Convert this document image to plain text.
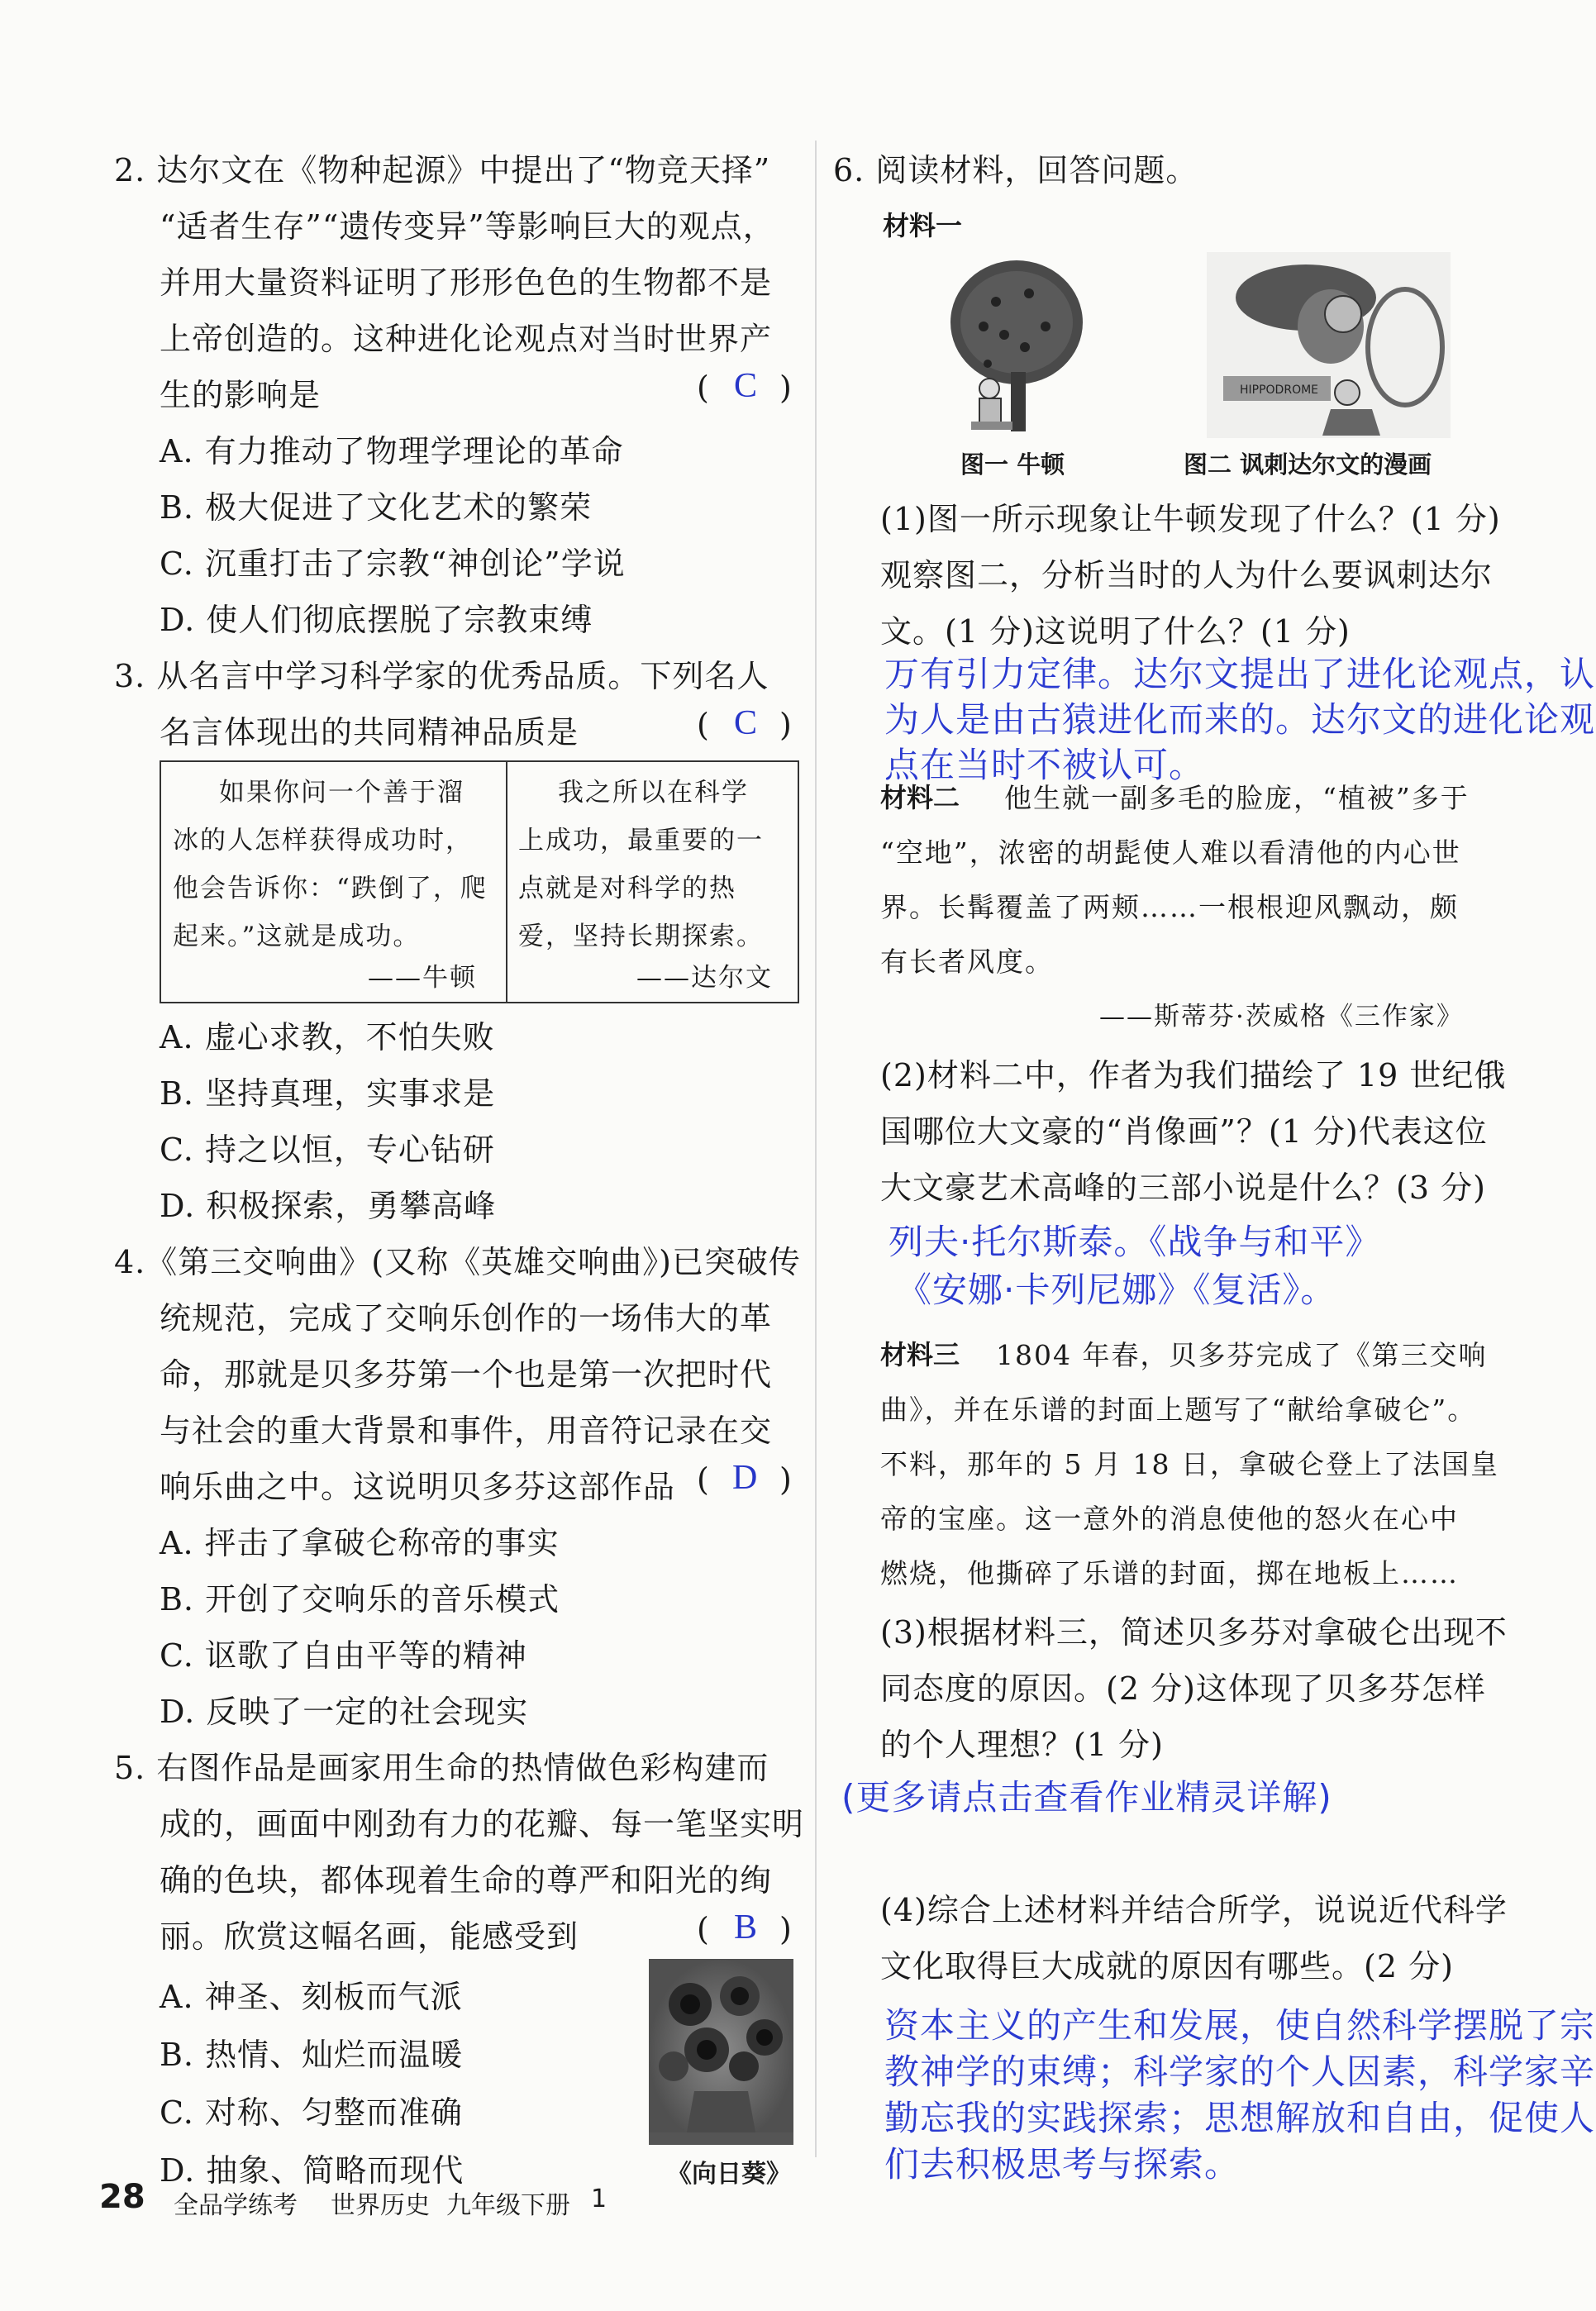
2. 达尔文在《物种起源》中提出了“物竞天择”
“适者生存”“遗传变异”等影响巨大的观点，
并用大量资料证明了形形色色的生物都不是
上帝创造的。这种进化论观点对当时世界产
生的影响是	( C )
A. 有力推动了物理学理论的革命
B. 极大促进了文化艺术的繁荣
C. 沉重打击了宗教“神创论”学说
D. 使人们彻底摆脱了宗教束缚
3. 从名言中学习科学家的优秀品质。下列名人
名言体现出的共同精神品质是	( C )
如果你问一个善于溜
冰的人怎样获得成功时，
他会告诉你：“跌倒了，爬
起来。”这就是成功。
——牛顿
我之所以在科学
上成功，最重要的一
点就是对科学的热
爱，坚持长期探索。
——达尔文
A. 虚心求教，不怕失败
B. 坚持真理，实事求是
C. 持之以恒，专心钻研
D. 积极探索，勇攀高峰
4.《第三交响曲》(又称《英雄交响曲》)已突破传
统规范，完成了交响乐创作的一场伟大的革
命，那就是贝多芬第一个也是第一次把时代
与社会的重大背景和事件，用音符记录在交
响乐曲之中。这说明贝多芬这部作品 ( D )
A. 抨击了拿破仑称帝的事实
B. 开创了交响乐的音乐模式
C. 讴歌了自由平等的精神
D. 反映了一定的社会现实
5. 右图作品是画家用生命的热情做色彩构建而
成的，画面中刚劲有力的花瓣、每一笔坚实明
确的色块，都体现着生命的尊严和阳光的绚
丽。欣赏这幅名画，能感受到	( B )
A. 神圣、刻板而气派
B. 热情、灿烂而温暖
C. 对称、匀整而准确
D. 抽象、简略而现代	《向日葵》
6. 阅读材料，回答问题。
材料一
HIPPODROME
图一 牛顿	图二 讽刺达尔文的漫画
(1)图一所示现象让牛顿发现了什么？(1 分)
观察图二，分析当时的人为什么要讽刺达尔
文。(1 分)这说明了什么？(1 分)
万有引力定律。达尔文提出了进化论观点，认
为人是由古猿进化而来的。达尔文的进化论观
点在当时不被认可。
材料二 他生就一副多毛的脸庞，“植被”多于
“空地”，浓密的胡髭使人难以看清他的内心世
界。长髯覆盖了两颊……一根根迎风飘动，颇
有长者风度。
——斯蒂芬·茨威格《三作家》
(2)材料二中，作者为我们描绘了 19 世纪俄
国哪位大文豪的“肖像画”？(1 分)代表这位
大文豪艺术高峰的三部小说是什么？(3 分)
列夫·托尔斯泰。《战争与和平》
《安娜·卡列尼娜》《复活》。
材料三 1804 年春，贝多芬完成了《第三交响
曲》，并在乐谱的封面上题写了“献给拿破仑”。
不料，那年的 5 月 18 日，拿破仑登上了法国皇
帝的宝座。这一意外的消息使他的怒火在心中
燃烧，他撕碎了乐谱的封面，掷在地板上……
(3)根据材料三，简述贝多芬对拿破仑出现不
同态度的原因。(2 分)这体现了贝多芬怎样
的个人理想？(1 分)
(更多请点击查看作业精灵详解)
(4)综合上述材料并结合所学，说说近代科学
文化取得巨大成就的原因有哪些。(2 分)
资本主义的产生和发展，使自然科学摆脱了宗
教神学的束缚；科学家的个人因素，科学家辛
勤忘我的实践探索；思想解放和自由，促使人
们去积极思考与探索。
28 全品学练考 世界历史 九年级下册 1
